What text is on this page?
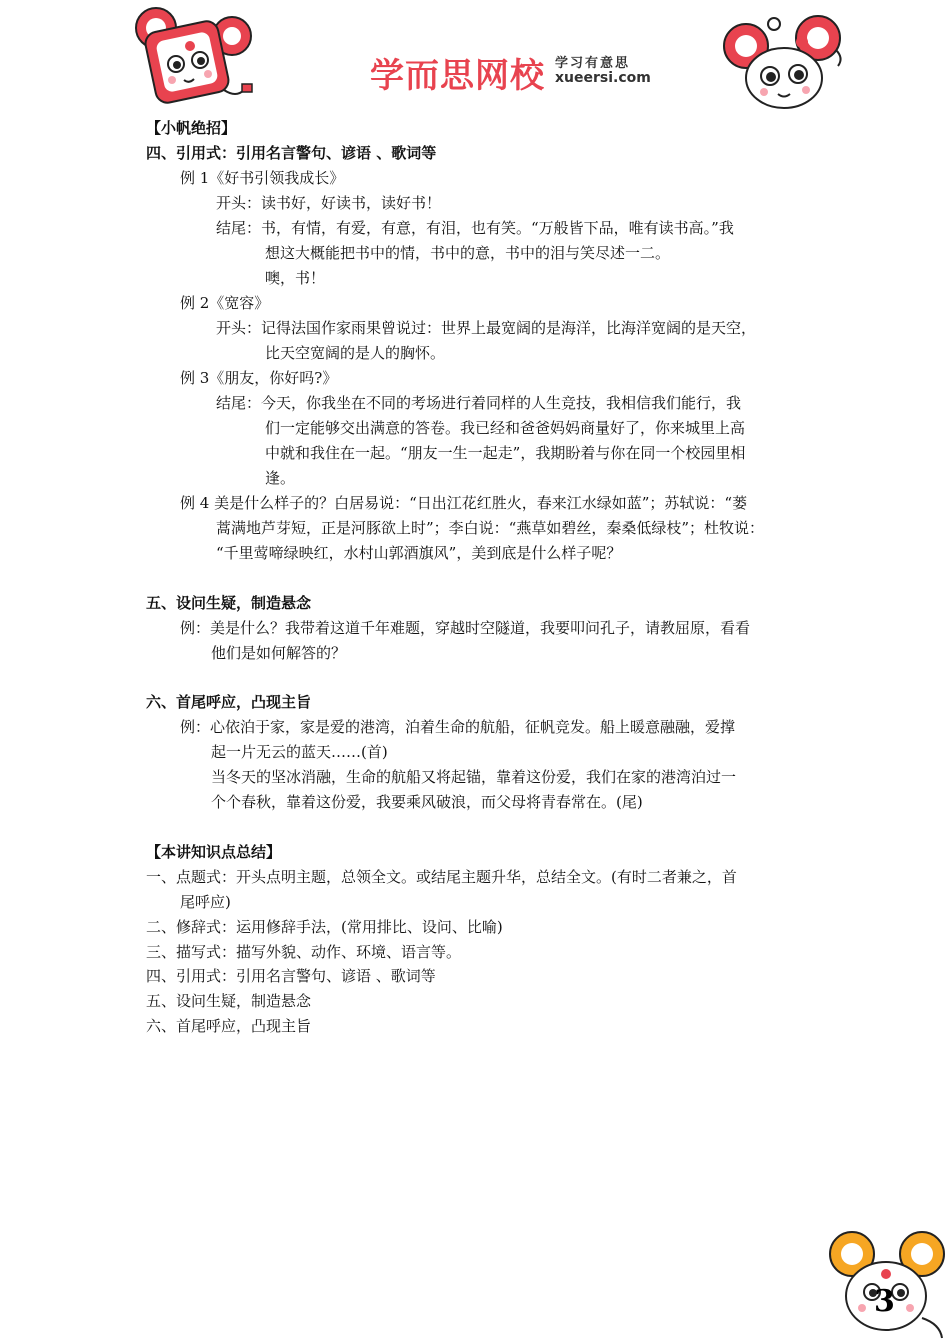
学而思网校 学习有意思
xueersi.com
【小帆绝招】
四、引用式：引用名言警句、谚语 、歌词等
例 1《好书引领我成长》
开头：读书好，好读书，读好书！
结尾：书，有情，有爱，有意，有泪，也有笑。“万般皆下品，唯有读书高。”我
想这大概能把书中的情，书中的意，书中的泪与笑尽述一二。
噢，书！
例 2《宽容》
开头：记得法国作家雨果曾说过：世界上最宽阔的是海洋，比海洋宽阔的是天空，
比天空宽阔的是人的胸怀。
例 3《朋友，你好吗?》
结尾：今天，你我坐在不同的考场进行着同样的人生竞技，我相信我们能行，我
们一定能够交出满意的答卷。我已经和爸爸妈妈商量好了，你来城里上高
中就和我住在一起。“朋友一生一起走”，我期盼着与你在同一个校园里相
逢。
例 4 美是什么样子的？白居易说：“日出江花红胜火，春来江水绿如蓝”；苏轼说：“蒌
蒿满地芦芽短，正是河豚欲上时”；李白说：“燕草如碧丝，秦桑低绿枝”；杜牧说：
“千里莺啼绿映红，水村山郭酒旗风”，美到底是什么样子呢？
五、设问生疑，制造悬念
例：美是什么？我带着这道千年难题，穿越时空隧道，我要叩问孔子，请教屈原，看看
他们是如何解答的？
六、首尾呼应，凸现主旨
例：心依泊于家，家是爱的港湾，泊着生命的航船，征帆竞发。船上暖意融融，爱撑
起一片无云的蓝天……(首)
当冬天的坚冰消融，生命的航船又将起锚，靠着这份爱，我们在家的港湾泊过一
个个春秋，靠着这份爱，我要乘风破浪，而父母将青春常在。(尾)
【本讲知识点总结】
一、点题式：开头点明主题，总领全文。或结尾主题升华，总结全文。(有时二者兼之，首
尾呼应)
二、修辞式：运用修辞手法，(常用排比、设问、比喻)
三、描写式：描写外貌、动作、环境、语言等。
四、引用式：引用名言警句、谚语 、歌词等
五、设问生疑，制造悬念
六、首尾呼应，凸现主旨
3
